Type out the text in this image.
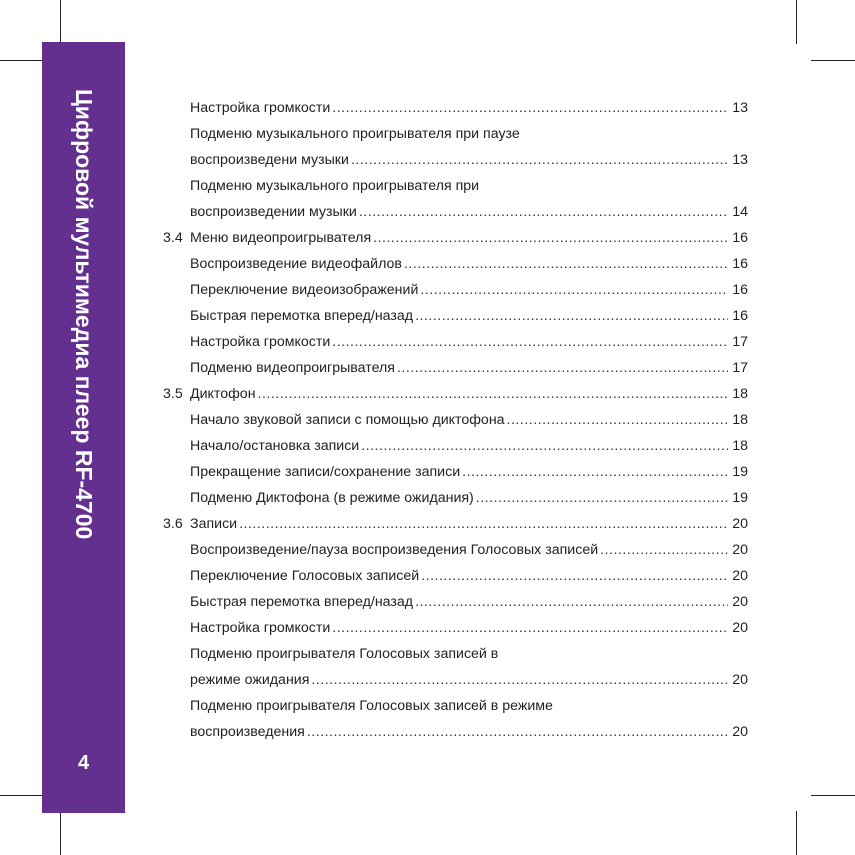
Цифровой мультимедиа плеер RF-4700
4
Настройка громкости .....	13
Подменю музыкального проигрывателя при паузе
воспроизведени музыки .....	13
Подменю музыкального проигрывателя при
воспроизведении музыки .....	14
3.4 Меню видеопроигрывателя .....	16
Воспроизведение видеофайлов .....	16
Переключение видеоизображений .....	16
Быстрая перемотка вперед/назад .....	16
Настройка громкости .....	17
Подменю видеопроигрывателя .....	17
3.5 Диктофон .....	18
Начало звуковой записи с помощью диктофона .....	18
Начало/остановка записи .....	18
Прекращение записи/сохранение записи .....	19
Подменю Диктофона (в режиме ожидания) .....	19
3.6 Записи .....	20
Воспроизведение/пауза воспроизведения Голосовых записей .....	20
Переключение Голосовых записей .....	20
Быстрая перемотка вперед/назад .....	20
Настройка громкости .....	20
Подменю проигрывателя Голосовых записей в
режиме ожидания .....	20
Подменю проигрывателя Голосовых записей в режиме
воспроизведения .....	20
